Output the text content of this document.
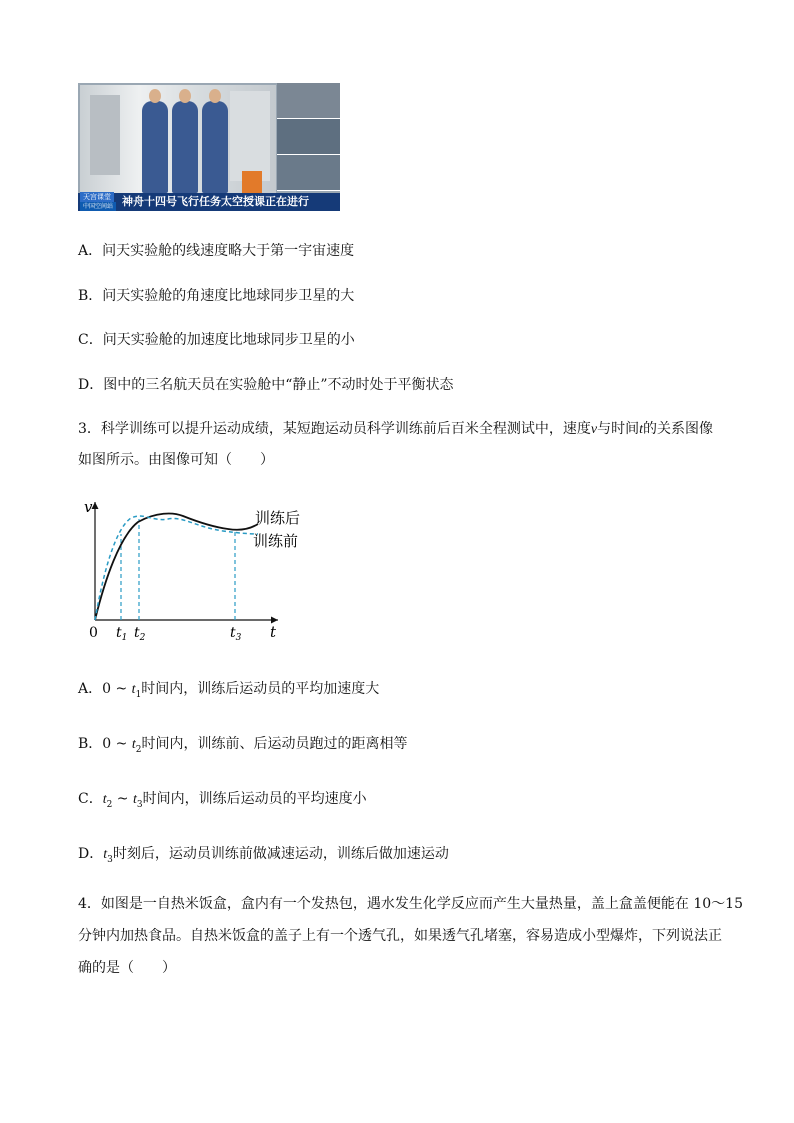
天宫课堂
中国空间站 神舟十四号飞行任务太空授课正在进行
A．问天实验舱的线速度略大于第一宇宙速度
B．问天实验舱的角速度比地球同步卫星的大
C．问天实验舱的加速度比地球同步卫星的小
D．图中的三名航天员在实验舱中“静止”不动时处于平衡状态
3．科学训练可以提升运动成绩，某短跑运动员科学训练前后百米全程测试中，速度v与时间t的关系图像
如图所示。由图像可知（　　）
v
t
0 $t_1$ $t_2$	$t_3$
训练后
训练前
A．0 ~ $t_1$时间内，训练后运动员的平均加速度大
B．0 ~ $t_2$时间内，训练前、后运动员跑过的距离相等
C．$t_2$ ~ $t_3$时间内，训练后运动员的平均速度小
D．$t_3$时刻后，运动员训练前做减速运动，训练后做加速运动
4．如图是一自热米饭盒，盒内有一个发热包，遇水发生化学反应而产生大量热量，盖上盒盖便能在 10～15
分钟内加热食品。自热米饭盒的盖子上有一个透气孔，如果透气孔堵塞，容易造成小型爆炸，下列说法正
确的是（　　）
